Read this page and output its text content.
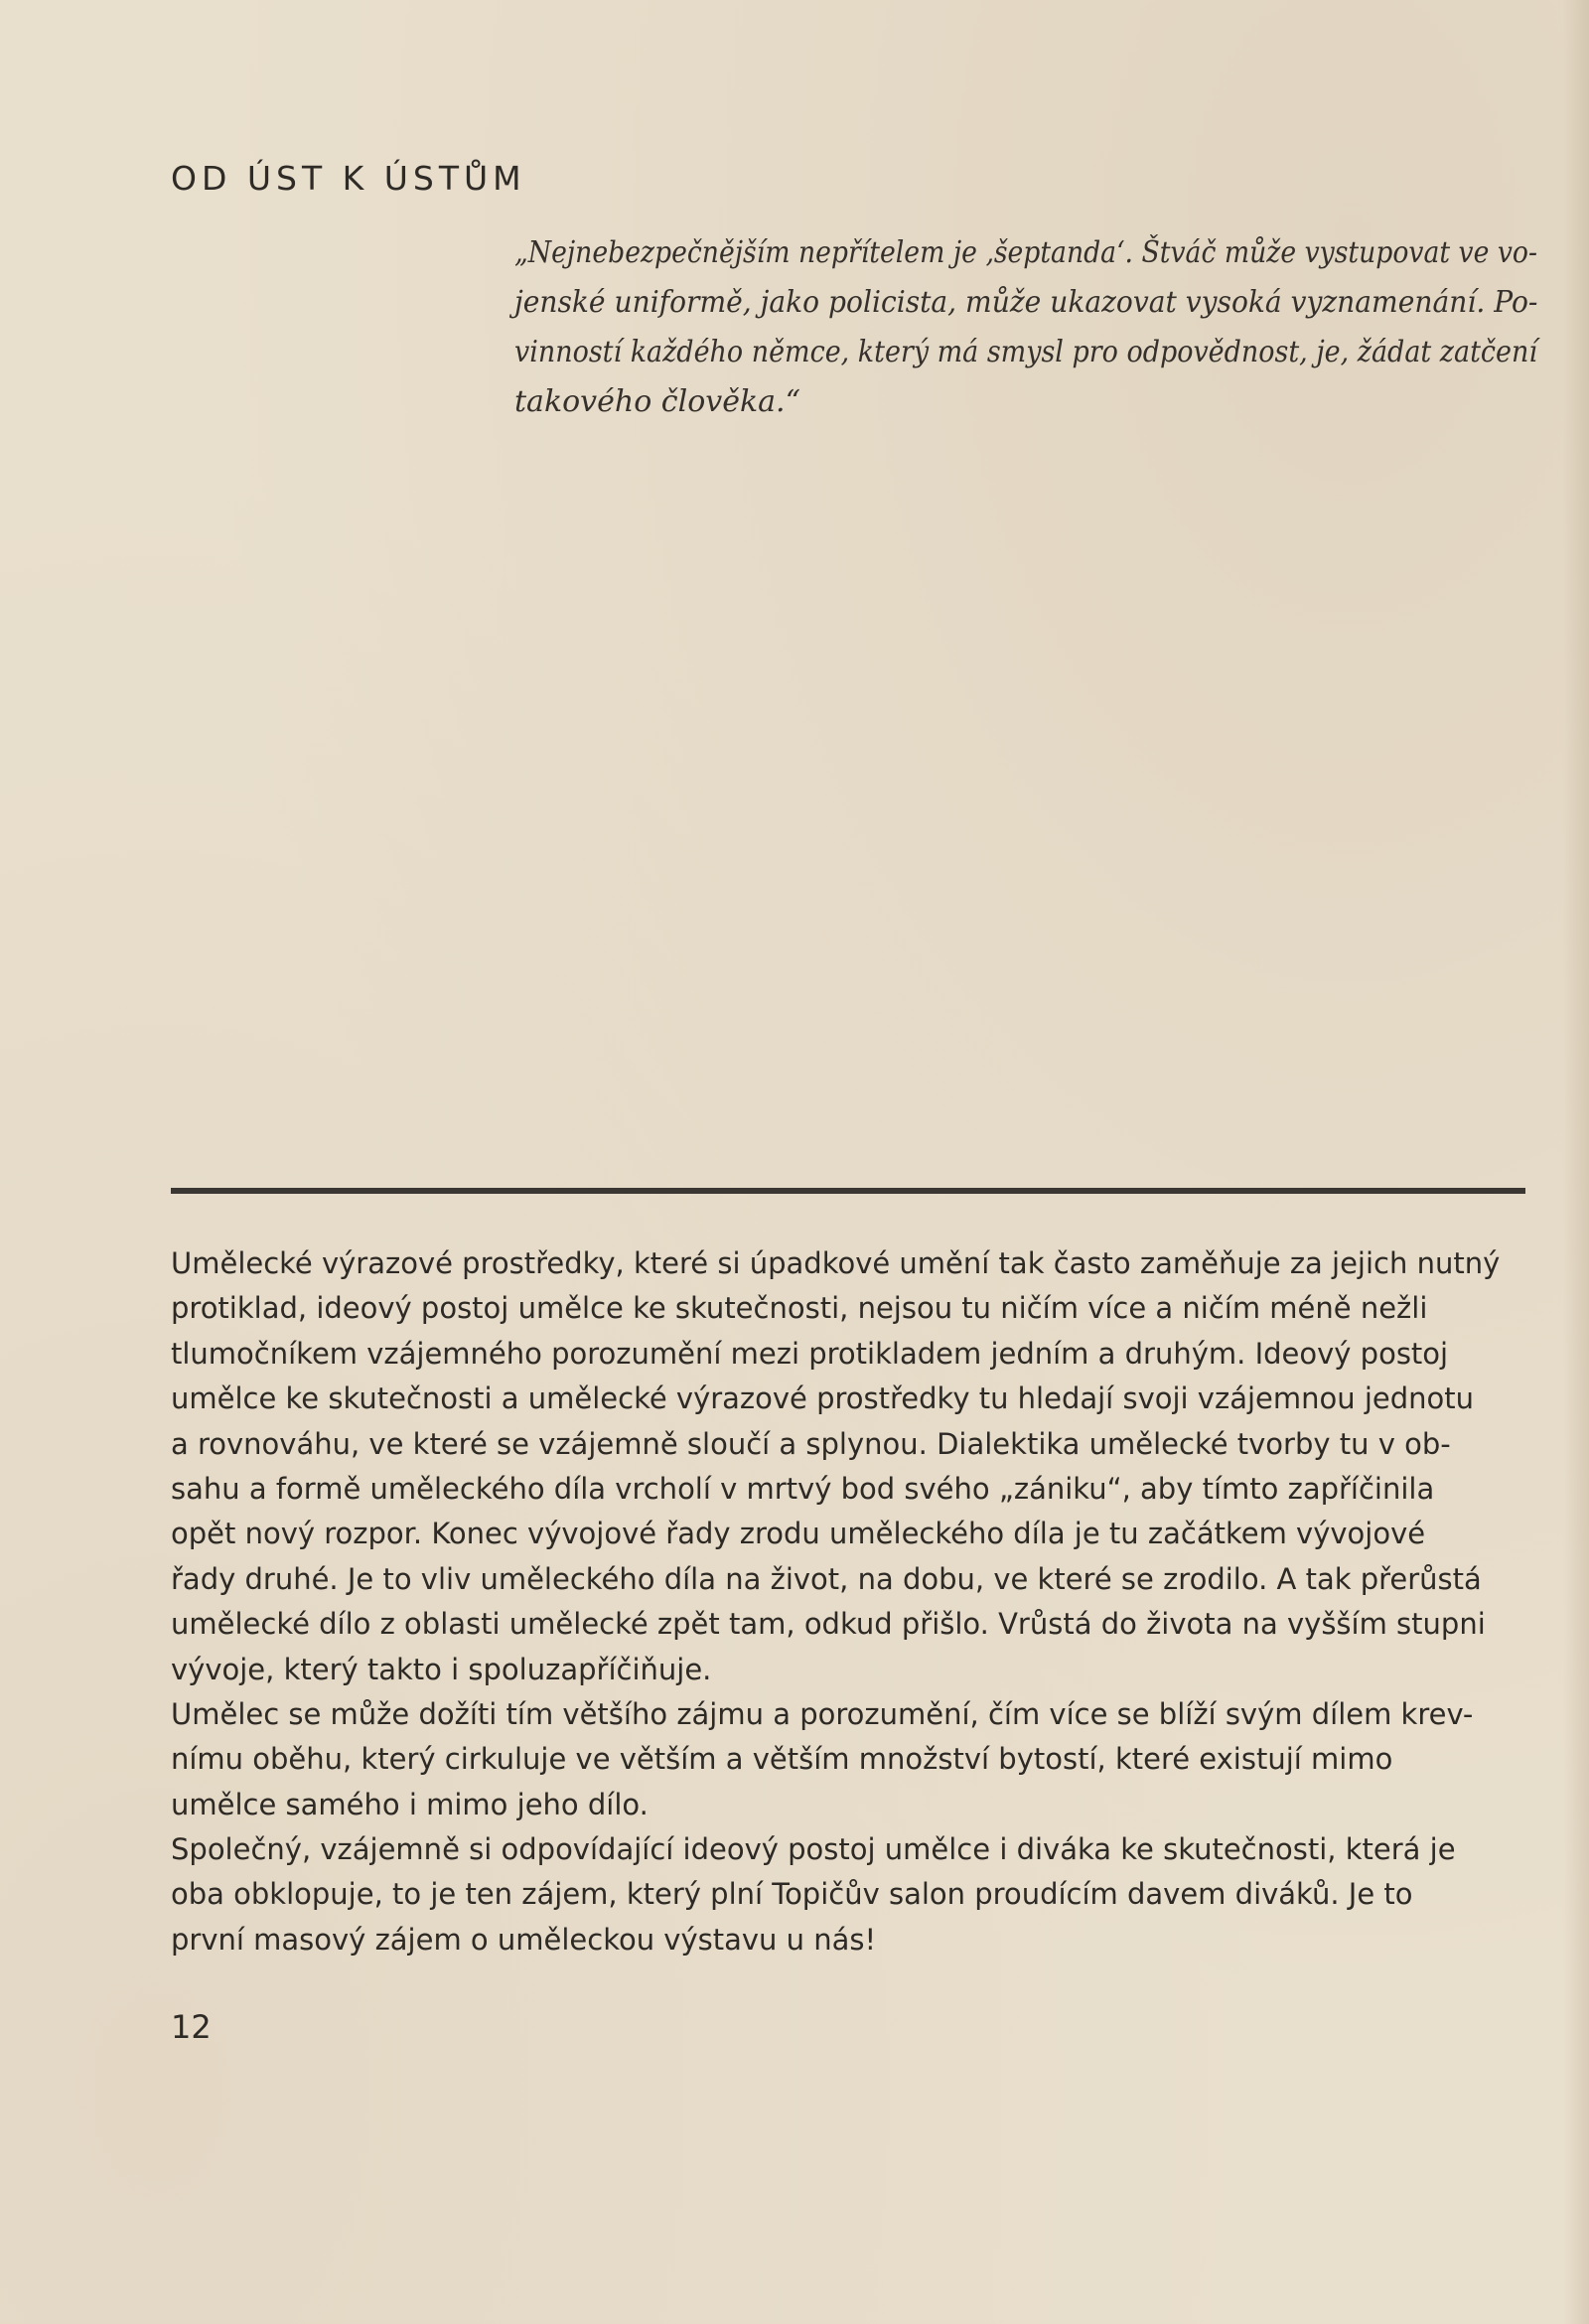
OD ÚST K ÚSTŮM
„Nejnebezpečnějším nepřítelem je ‚šeptanda‘. Štváč může vystupovat ve vo-
jenské uniformě, jako policista, může ukazovat vysoká vyznamenání. Po-
vinností každého němce, který má smysl pro odpovědnost, je, žádat zatčení
takového člověka.“
Umělecké výrazové prostředky, které si úpadkové umění tak často zaměňuje za jejich nutný
protiklad, ideový postoj umělce ke skutečnosti, nejsou tu ničím více a ničím méně nežli
tlumočníkem vzájemného porozumění mezi protikladem jedním a druhým. Ideový postoj
umělce ke skutečnosti a umělecké výrazové prostředky tu hledají svoji vzájemnou jednotu
a rovnováhu, ve které se vzájemně sloučí a splynou. Dialektika umělecké tvorby tu v ob-
sahu a formě uměleckého díla vrcholí v mrtvý bod svého „zániku“, aby tímto zapříčinila
opět nový rozpor. Konec vývojové řady zrodu uměleckého díla je tu začátkem vývojové
řady druhé. Je to vliv uměleckého díla na život, na dobu, ve které se zrodilo. A tak přerůstá
umělecké dílo z oblasti umělecké zpět tam, odkud přišlo. Vrůstá do života na vyšším stupni
vývoje, který takto i spoluzapříčiňuje.
Umělec se může dožíti tím většího zájmu a porozumění, čím více se blíží svým dílem krev-
nímu oběhu, který cirkuluje ve větším a větším množství bytostí, které existují mimo
umělce samého i mimo jeho dílo.
Společný, vzájemně si odpovídající ideový postoj umělce i diváka ke skutečnosti, která je
oba obklopuje, to je ten zájem, který plní Topičův salon proudícím davem diváků. Je to
první masový zájem o uměleckou výstavu u nás!
12
